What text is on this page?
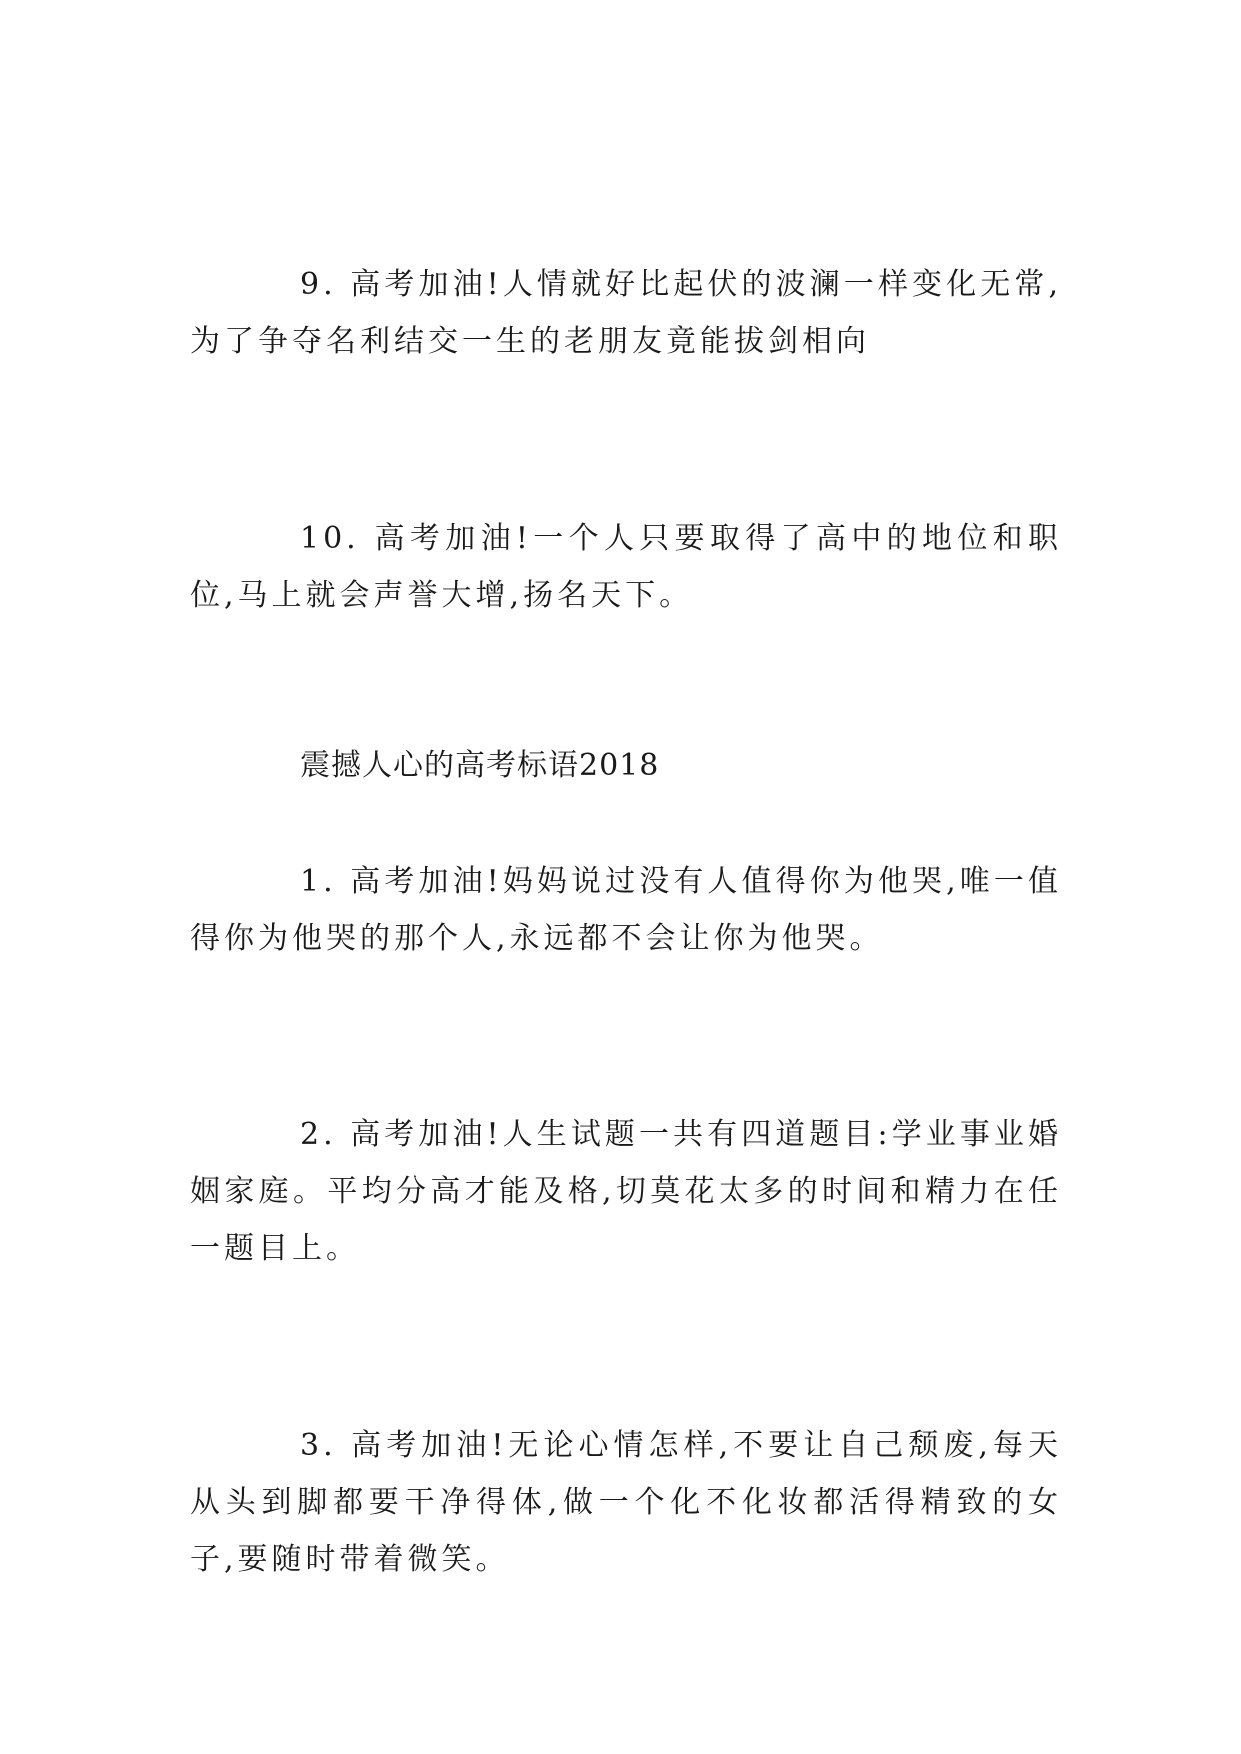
9. 高考加油!人情就好比起伏的波澜一样变化无常,为了争夺名利结交一生的老朋友竟能拔剑相向

10. 高考加油!一个人只要取得了高中的地位和职位,马上就会声誉大增,扬名天下。

震撼人心的高考标语2018

1. 高考加油!妈妈说过没有人值得你为他哭,唯一值得你为他哭的那个人,永远都不会让你为他哭。

2. 高考加油!人生试题一共有四道题目:学业事业婚姻家庭。平均分高才能及格,切莫花太多的时间和精力在任一题目上。

3. 高考加油!无论心情怎样,不要让自己颓废,每天从头到脚都要干净得体,做一个化不化妆都活得精致的女子,要随时带着微笑。
